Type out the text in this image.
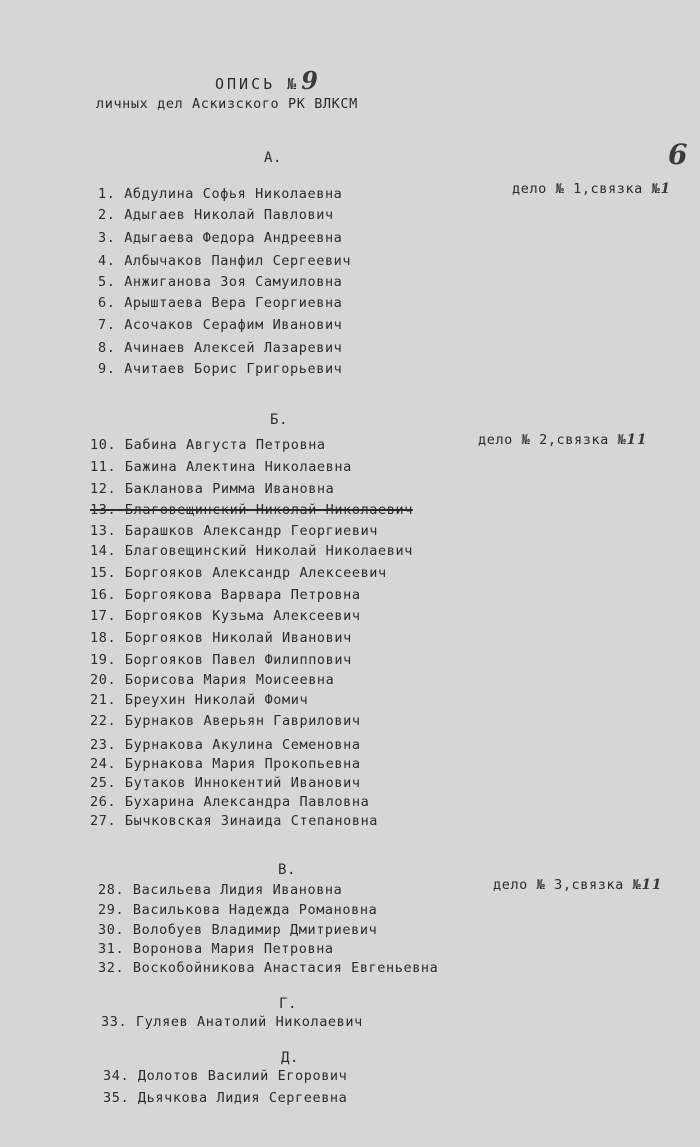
ОПИСЬ №9
личных дел Аскизского РК ВЛКСМ
6
А.
дело № 1,связка №1
1. Абдулина Софья Николаевна
2. Адыгаев Николай Павлович
3. Адыгаева Федора Андреевна
4. Албычаков Панфил Сергеевич
5. Анжиганова Зоя Самуиловна
6. Арыштаева Вера Георгиевна
7. Асочаков Серафим Иванович
8. Ачинаев Алексей Лазаревич
9. Ачитаев Борис Григорьевич
Б.
дело № 2,связка №11
10. Бабина Августа Петровна
11. Бажина Алектина Николаевна
12. Бакланова Римма Ивановна
13. Благовещинский Николай Николаевич
13. Барашков Александр Георгиевич
14. Благовещинский Николай Николаевич
15. Боргояков Александр Алексеевич
16. Боргоякова Варвара Петровна
17. Боргояков Кузьма Алексеевич
18. Боргояков Николай Иванович
19. Боргояков Павел Филиппович
20. Борисова Мария Моисеевна
21. Бреухин Николай Фомич
22. Бурнаков Аверьян Гаврилович
23. Бурнакова Акулина Семеновна
24. Бурнакова Мария Прокопьевна
25. Бутаков Иннокентий Иванович
26. Бухарина Александра Павловна
27. Бычковская Зинаида Степановна
В.
дело № 3,связка №11
28. Васильева Лидия Ивановна
29. Василькова Надежда Романовна
30. Волобуев Владимир Дмитриевич
31. Воронова Мария Петровна
32. Воскобойникова Анастасия Евгеньевна
Г.
33. Гуляев Анатолий Николаевич
Д.
34. Долотов Василий Егорович
35. Дьячкова Лидия Сергеевна
